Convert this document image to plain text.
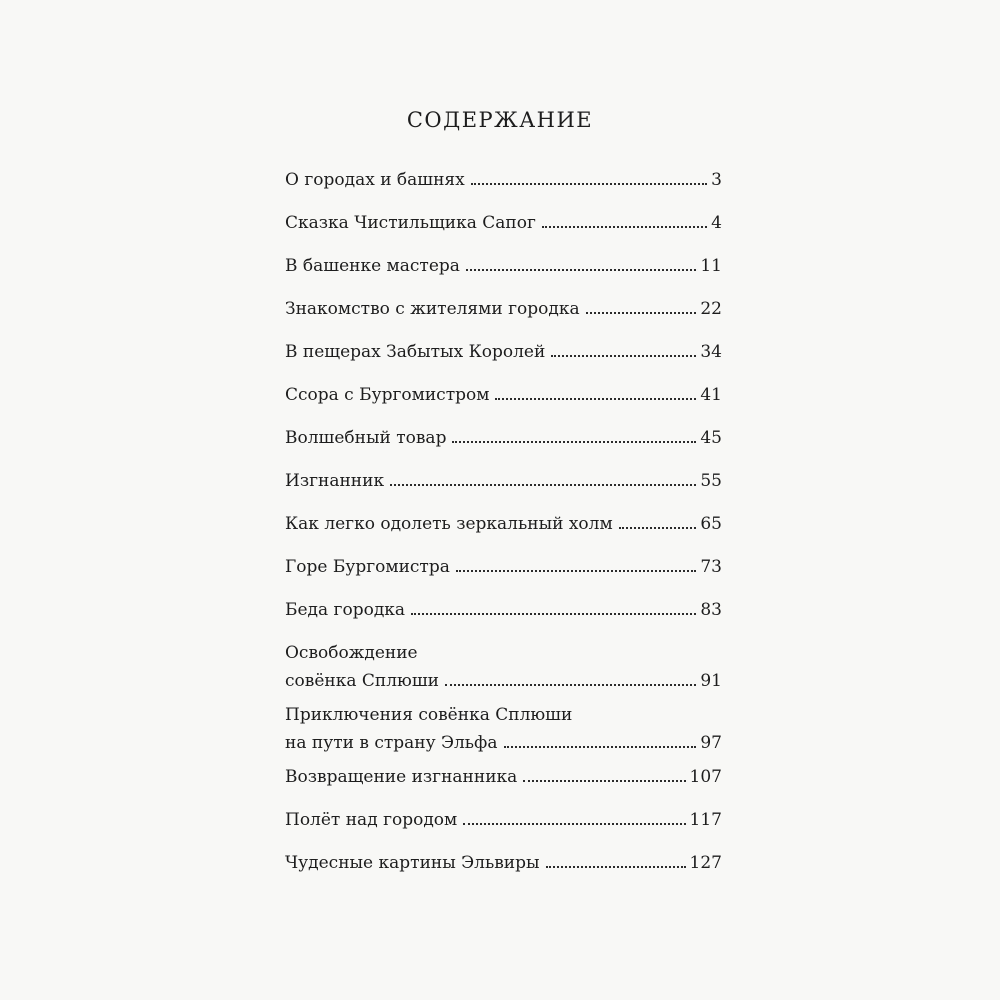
СОДЕРЖАНИЕ
О городах и башнях	3
Сказка Чистильщика Сапог	4
В башенке мастера	11
Знакомство с жителями городка	22
В пещерах Забытых Королей	34
Ссора с Бургомистром	41
Волшебный товар	45
Изгнанник	55
Как легко одолеть зеркальный холм	65
Горе Бургомистра	73
Беда городка	83
Освобождение
совёнка Сплюши	91
Приключения совёнка Сплюши
на пути в страну Эльфа	97
Возвращение изгнанника	107
Полёт над городом	117
Чудесные картины Эльвиры	127
